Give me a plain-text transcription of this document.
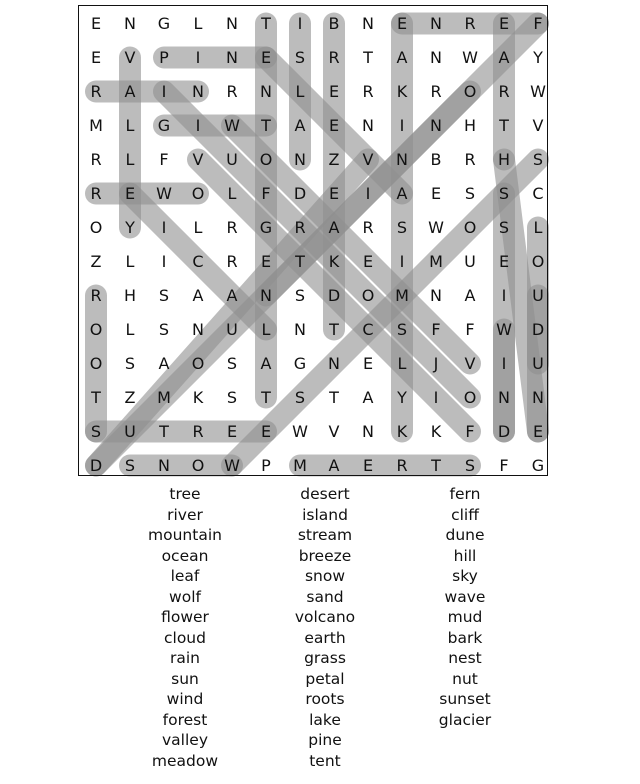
E	N	G	L	N	T	I	B	N	E	N	R	E	F
E	V	P	I	N	E	S	R	T	A	N	W	A	Y
R	A	I	N	R	N	L	E	R	K	R	O	R	W
M	L	G	I	W	T	A	E	N	I	N	H	T	V
R	L	F	V	U	O	N	Z	V	N	B	R	H	S
R	E	W	O	L	F	D	E	I	A	E	S	S	C
O	Y	I	L	R	G	R	A	R	S	W	O	S	L
Z	L	I	C	R	E	T	K	E	I	M	U	E	O
R	H	S	A	A	N	S	D	O	M	N	A	I	U
O	L	S	N	U	L	N	T	C	S	F	F	W	D
O	S	A	O	S	A	G	N	E	L	J	V	I	U
T	Z	M	K	S	T	S	T	A	Y	I	O	N	N
S	U	T	R	E	E	W	V	N	K	K	F	D	E
D	S	N	O	W	P	M	A	E	R	T	S	F	G
tree
river
mountain
ocean
leaf
wolf
flower
cloud
rain
sun
wind
forest
valley
meadow
desert
island
stream
breeze
snow
sand
volcano
earth
grass
petal
roots
lake
pine
tent
fern
cliff
dune
hill
sky
wave
mud
bark
nest
nut
sunset
glacier
